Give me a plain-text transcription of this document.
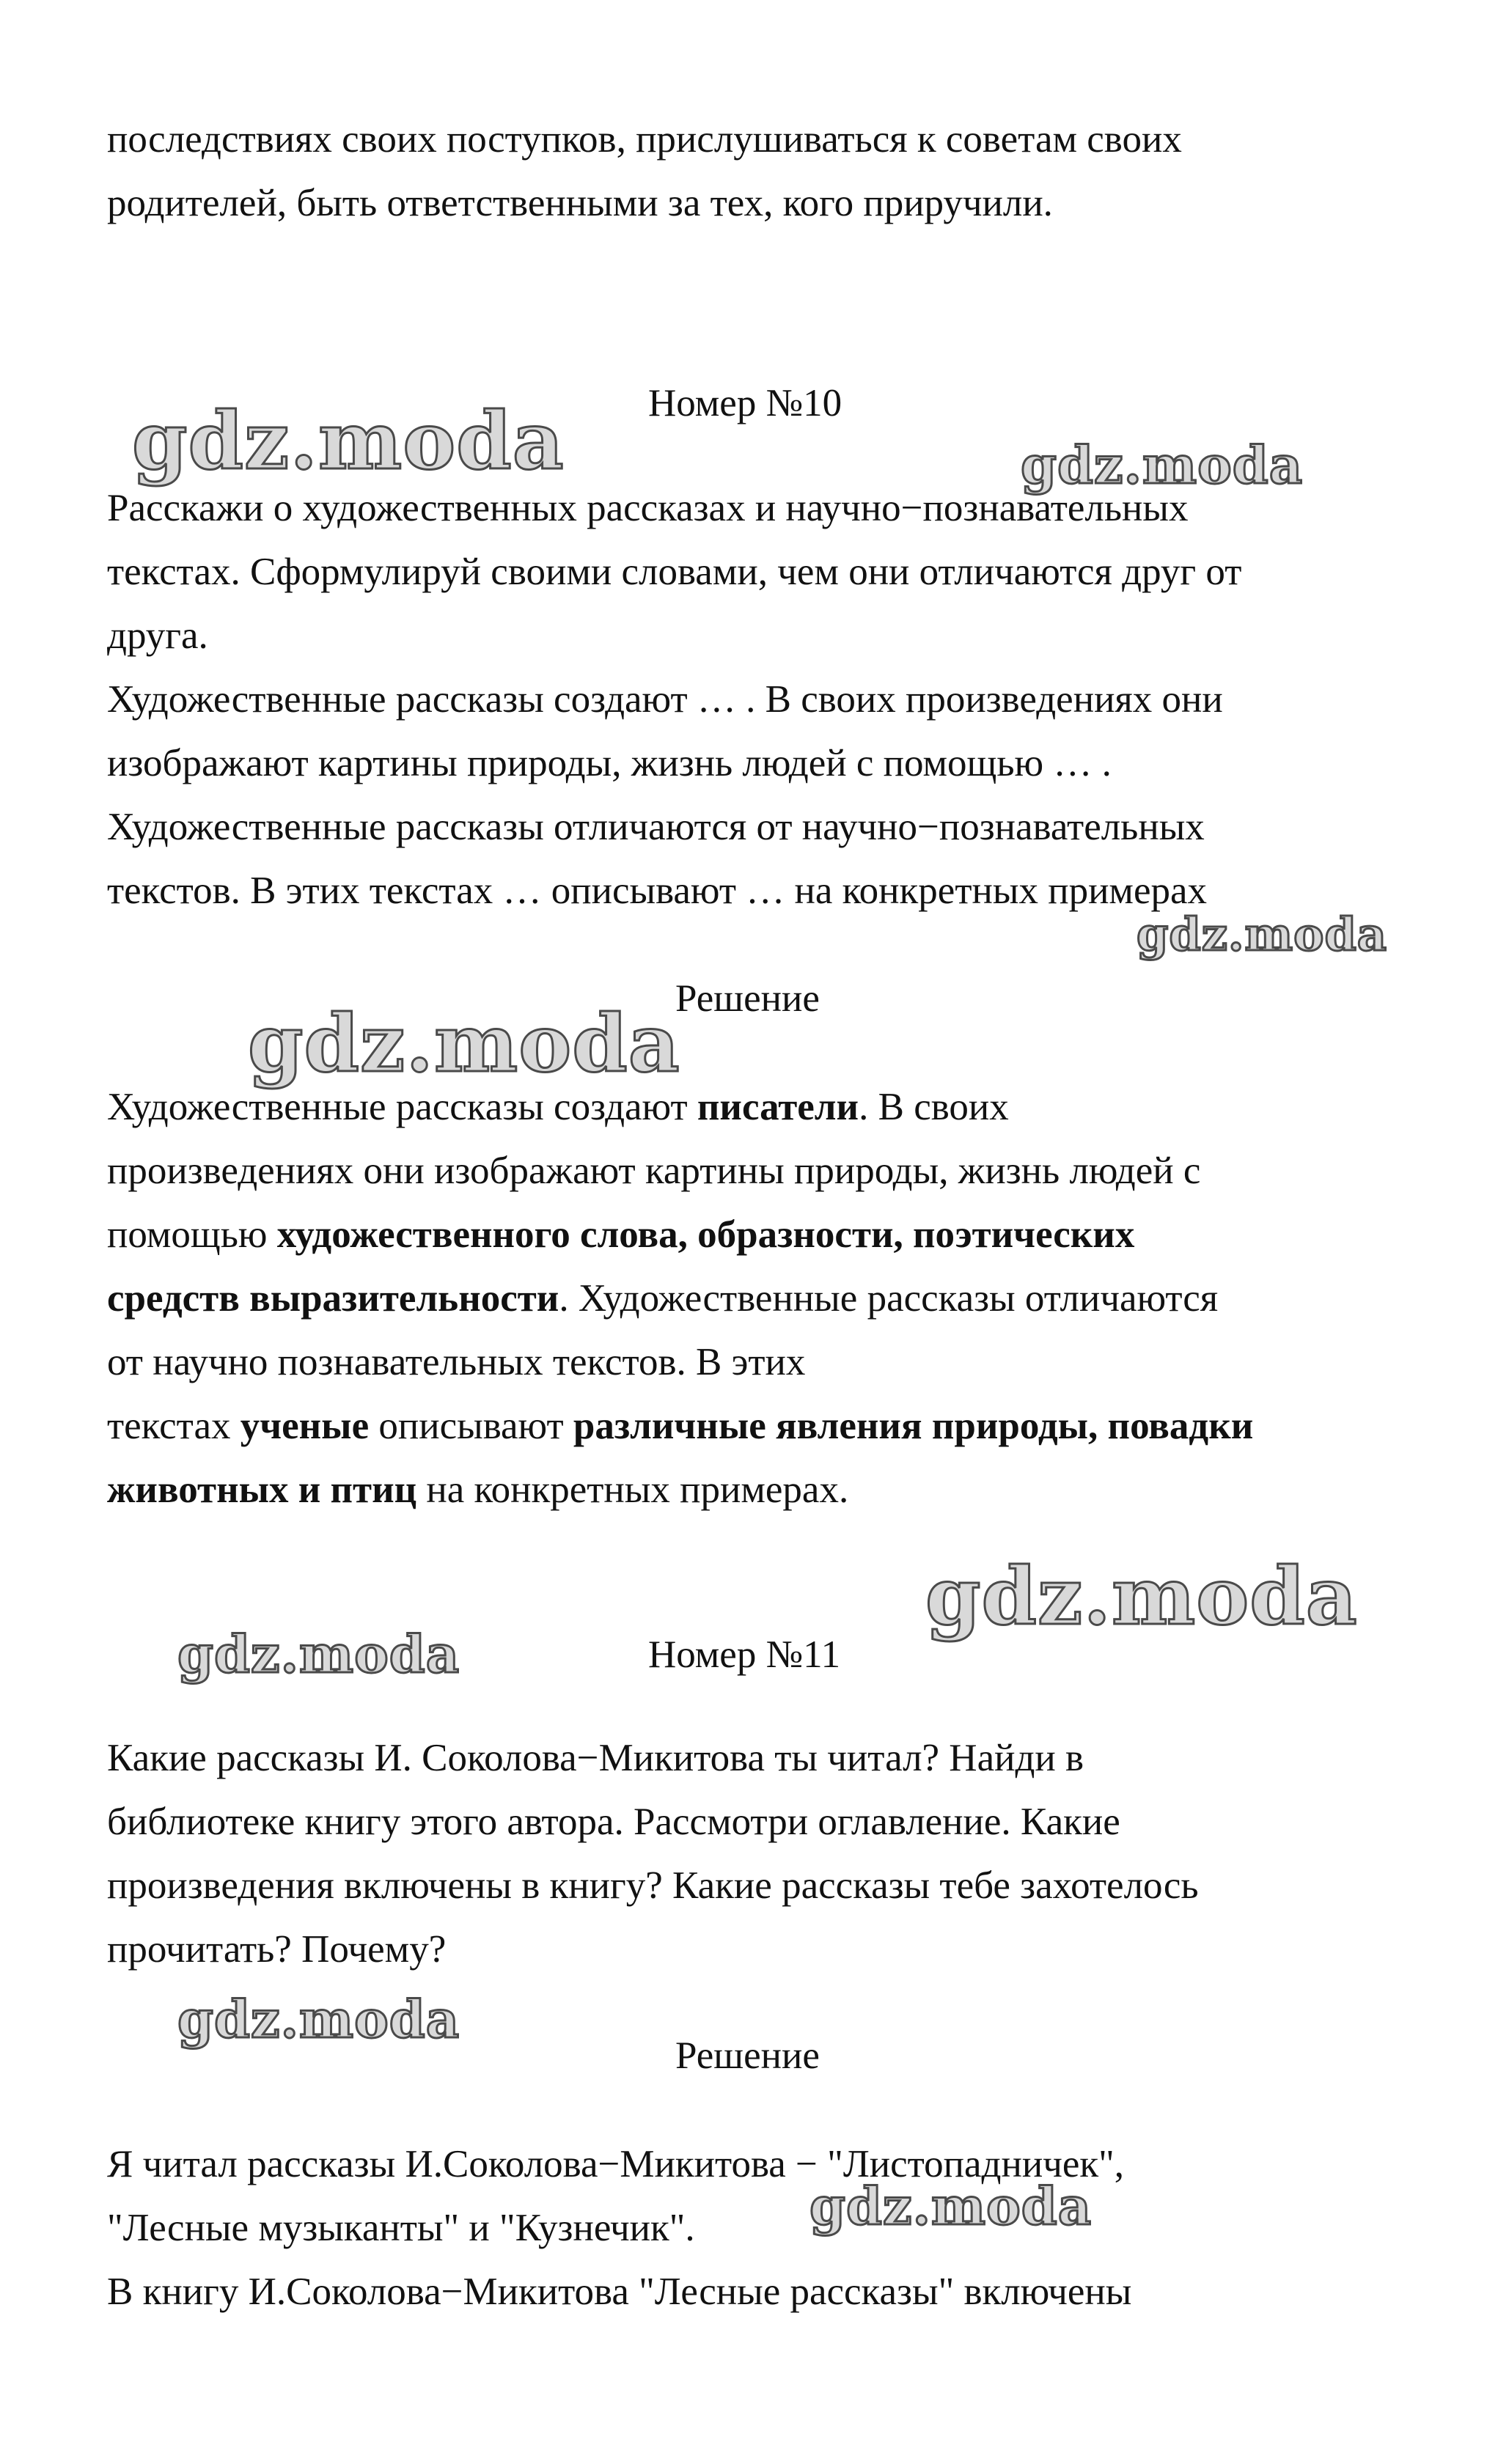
последствиях своих поступков, прислушиваться к советам своих
родителей, быть ответственными за тех, кого приручили.
Номер №10
Расскажи о художественных рассказах и научно−познавательных
текстах. Сформулируй своими словами, чем они отличаются друг от
друга.
Художественные рассказы создают … . В своих произведениях они
изображают картины природы, жизнь людей с помощью … .
Художественные рассказы отличаются от научно−познавательных
текстов. В этих текстах … описывают … на конкретных примерах
Решение
Художественные рассказы создают писатели. В своих
произведениях они изображают картины природы, жизнь людей с
помощью художественного слова, образности, поэтических
средств выразительности. Художественные рассказы отличаются
от научно познавательных текстов. В этих
текстах ученые описывают различные явления природы, повадки
животных и птиц на конкретных примерах.
Номер №11
Какие рассказы И. Соколова−Микитова ты читал? Найди в
библиотеке книгу этого автора. Рассмотри оглавление. Какие
произведения включены в книгу? Какие рассказы тебе захотелось
прочитать? Почему?
Решение
Я читал рассказы И.Соколова−Микитова − "Листопадничек",
"Лесные музыканты" и "Кузнечик".
В книгу И.Соколова−Микитова "Лесные рассказы" включены
gdz.moda	gdz.moda
gdz.moda
gdz.moda
gdz.moda
gdz.moda
gdz.moda
gdz.moda
